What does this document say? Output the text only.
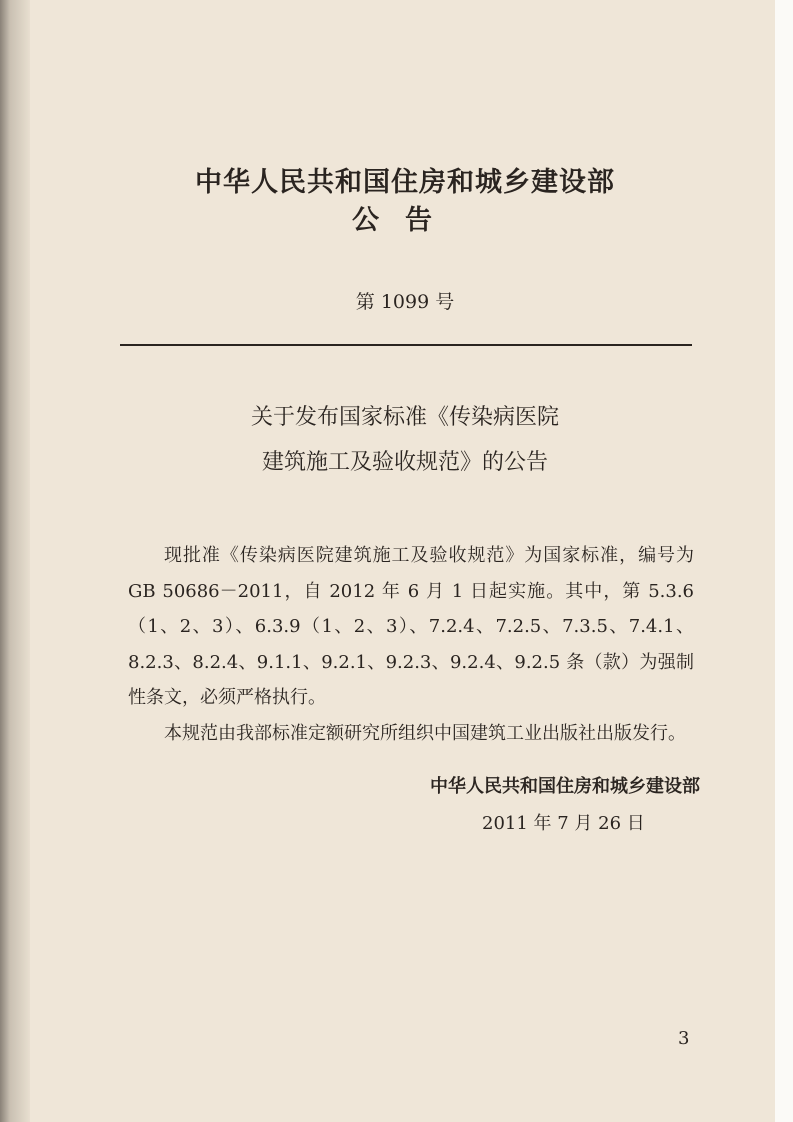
中华人民共和国住房和城乡建设部
公告
第 1099 号
关于发布国家标准《传染病医院
建筑施工及验收规范》的公告

现批准《传染病医院建筑施工及验收规范》为国家标准，编号为GB 50686－2011，自 2012 年 6 月 1 日起实施。其中，第 5.3.6（1、2、3）、6.3.9（1、2、3）、7.2.4、7.2.5、7.3.5、7.4.1、8.2.3、8.2.4、9.1.1、9.2.1、9.2.3、9.2.4、9.2.5 条（款）为强制性条文，必须严格执行。

本规范由我部标准定额研究所组织中国建筑工业出版社出版发行。

中华人民共和国住房和城乡建设部
2011 年 7 月 26 日
3
